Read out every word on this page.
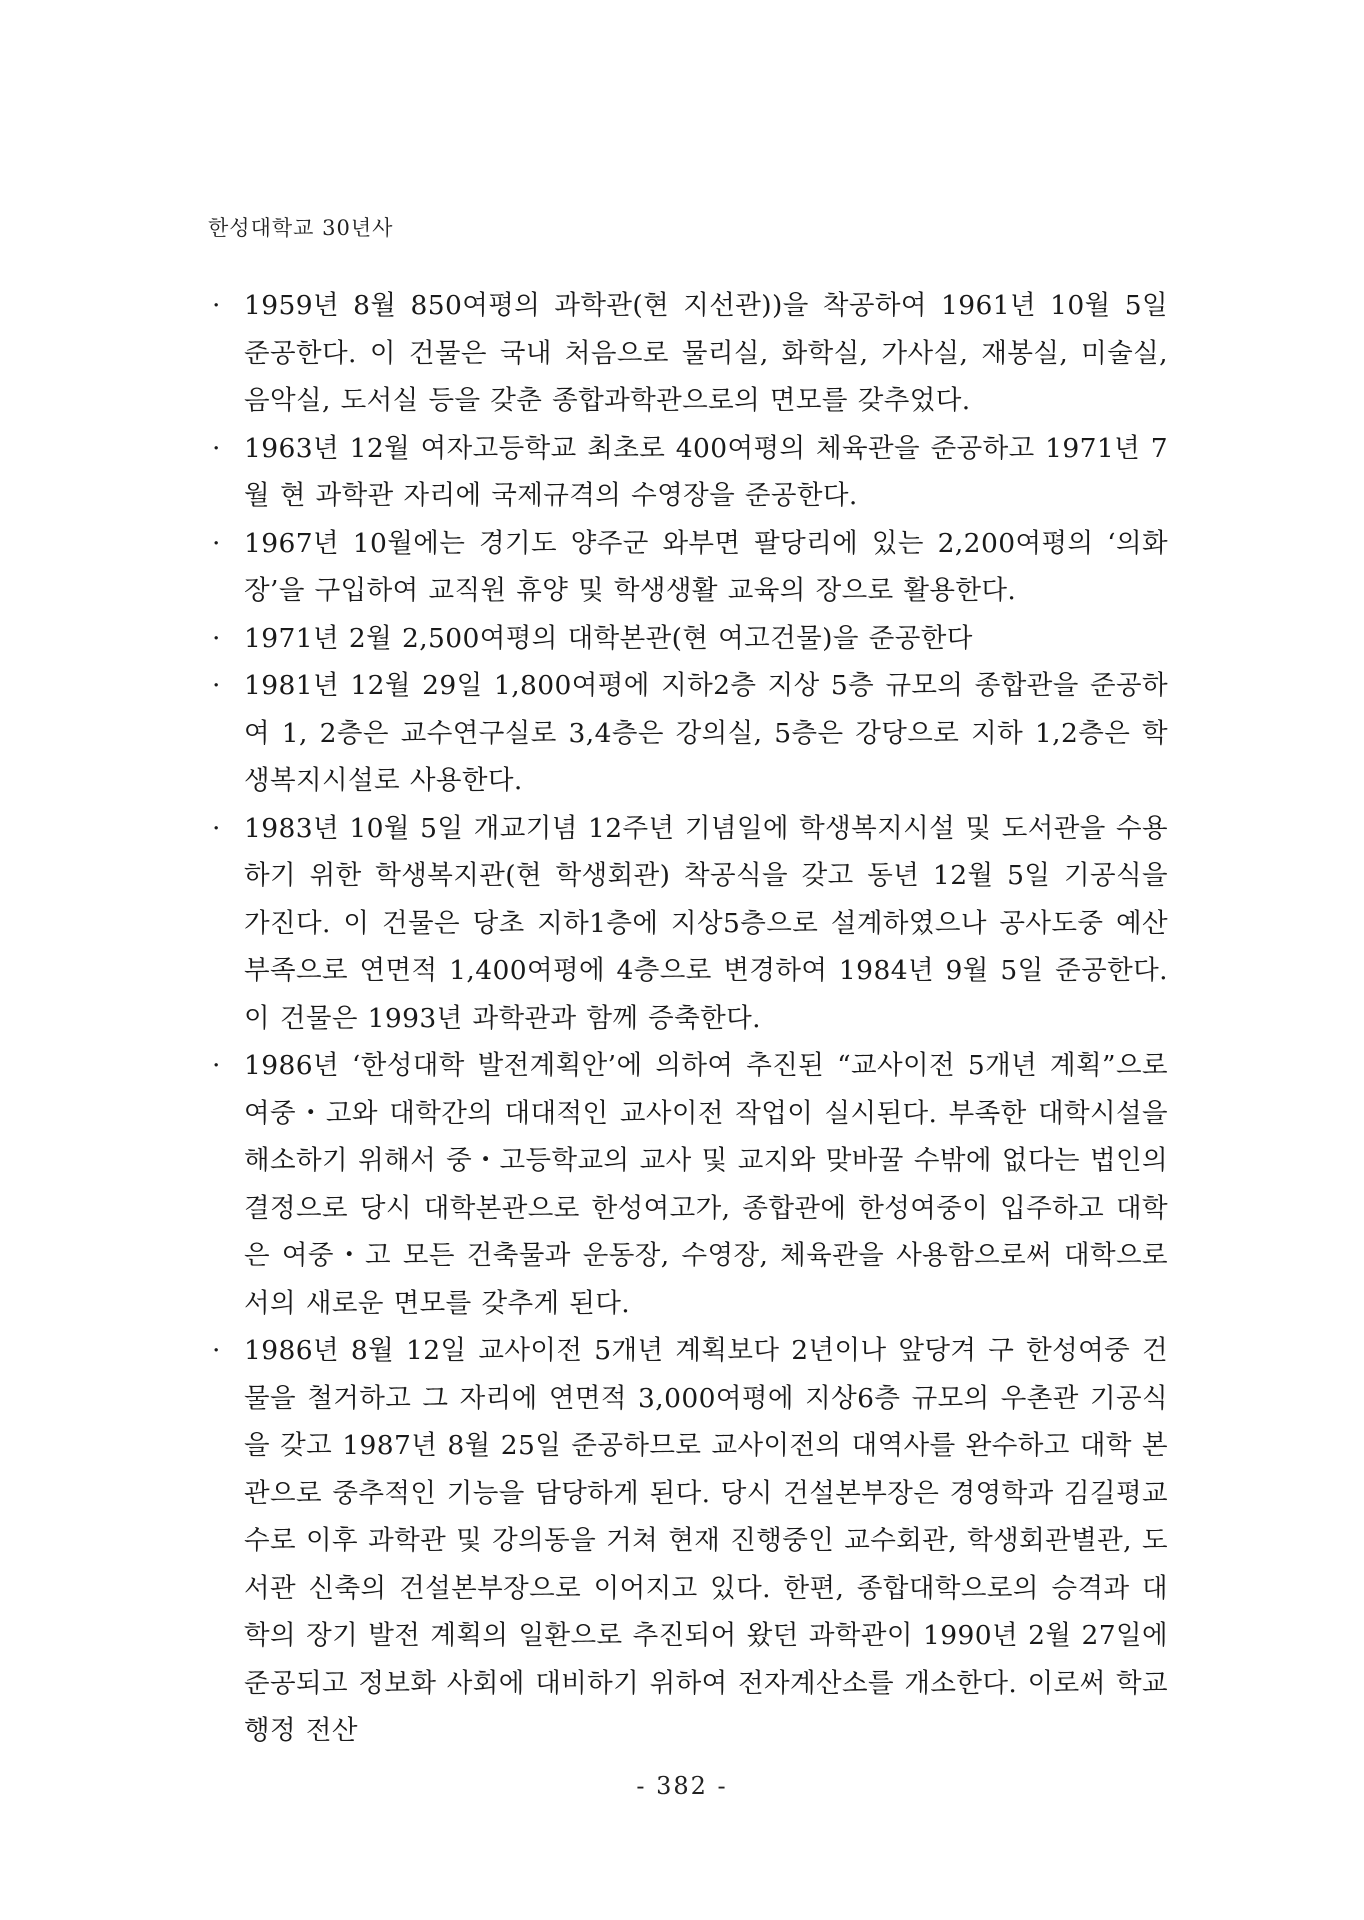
한성대학교 30년사

· 1959년 8월 850여평의 과학관(현 지선관))을 착공하여 1961년 10월 5일 준공한다. 이 건물은 국내 처음으로 물리실, 화학실, 가사실, 재봉실, 미술실, 음악실, 도서실 등을 갖춘 종합과학관으로의 면모를 갖추었다.

· 1963년 12월 여자고등학교 최초로 400여평의 체육관을 준공하고 1971년 7월 현 과학관 자리에 국제규격의 수영장을 준공한다.

· 1967년 10월에는 경기도 양주군 와부면 팔당리에 있는 2,200여평의 ‘의화장’을 구입하여 교직원 휴양 및 학생생활 교육의 장으로 활용한다.

· 1971년 2월 2,500여평의 대학본관(현 여고건물)을 준공한다

· 1981년 12월 29일 1,800여평에 지하2층 지상 5층 규모의 종합관을 준공하여 1, 2층은 교수연구실로 3,4층은 강의실, 5층은 강당으로 지하 1,2층은 학생복지시설로 사용한다.

· 1983년 10월 5일 개교기념 12주년 기념일에 학생복지시설 및 도서관을 수용하기 위한 학생복지관(현 학생회관) 착공식을 갖고 동년 12월 5일 기공식을 가진다. 이 건물은 당초 지하1층에 지상5층으로 설계하였으나 공사도중 예산 부족으로 연면적 1,400여평에 4층으로 변경하여 1984년 9월 5일 준공한다. 이 건물은 1993년 과학관과 함께 증축한다.

· 1986년 ‘한성대학 발전계획안’에 의하여 추진된 “교사이전 5개년 계획”으로 여중・고와 대학간의 대대적인 교사이전 작업이 실시된다. 부족한 대학시설을 해소하기 위해서 중・고등학교의 교사 및 교지와 맞바꿀 수밖에 없다는 법인의 결정으로 당시 대학본관으로 한성여고가, 종합관에 한성여중이 입주하고 대학은 여중・고 모든 건축물과 운동장, 수영장, 체육관을 사용함으로써 대학으로서의 새로운 면모를 갖추게 된다.

· 1986년 8월 12일 교사이전 5개년 계획보다 2년이나 앞당겨 구 한성여중 건물을 철거하고 그 자리에 연면적 3,000여평에 지상6층 규모의 우촌관 기공식을 갖고 1987년 8월 25일 준공하므로 교사이전의 대역사를 완수하고 대학 본관으로 중추적인 기능을 담당하게 된다. 당시 건설본부장은 경영학과 김길평교수로 이후 과학관 및 강의동을 거쳐 현재 진행중인 교수회관, 학생회관별관, 도서관 신축의 건설본부장으로 이어지고 있다. 한편, 종합대학으로의 승격과 대학의 장기 발전 계획의 일환으로 추진되어 왔던 과학관이 1990년 2월 27일에 준공되고 정보화 사회에 대비하기 위하여 전자계산소를 개소한다. 이로써 학교 행정 전산

- 382 -
